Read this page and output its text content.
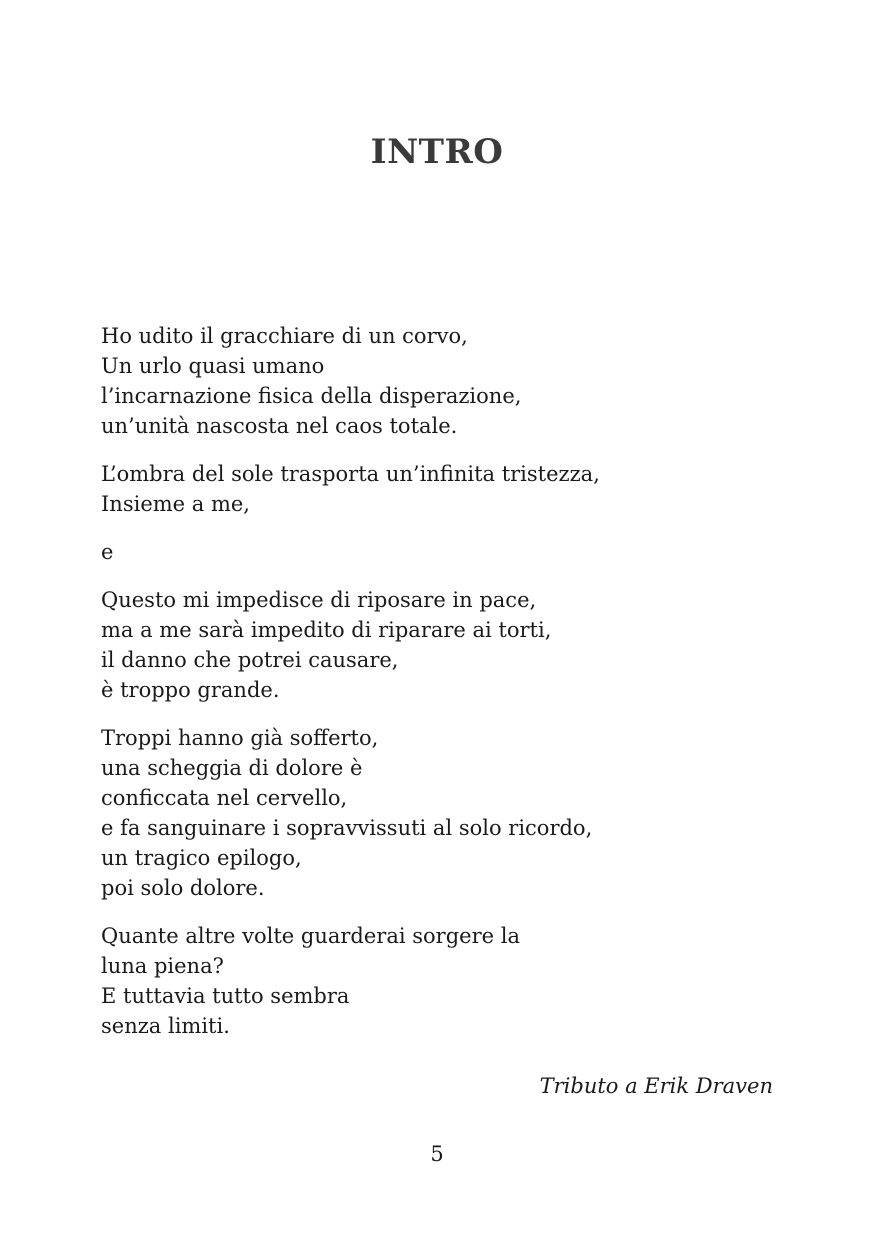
INTRO

Ho udito il gracchiare di un corvo,
Un urlo quasi umano
l’incarnazione fisica della disperazione,
un’unità nascosta nel caos totale.

L’ombra del sole trasporta un’infinita tristezza,
Insieme a me,

e

Questo mi impedisce di riposare in pace,
ma a me sarà impedito di riparare ai torti,
il danno che potrei causare,
è troppo grande.

Troppi hanno già sofferto,
una scheggia di dolore è
conficcata nel cervello,
e fa sanguinare i sopravvissuti al solo ricordo,
un tragico epilogo,
poi solo dolore.

Quante altre volte guarderai sorgere la
luna piena?
E tuttavia tutto sembra
senza limiti.

Tributo a Erik Draven
5
